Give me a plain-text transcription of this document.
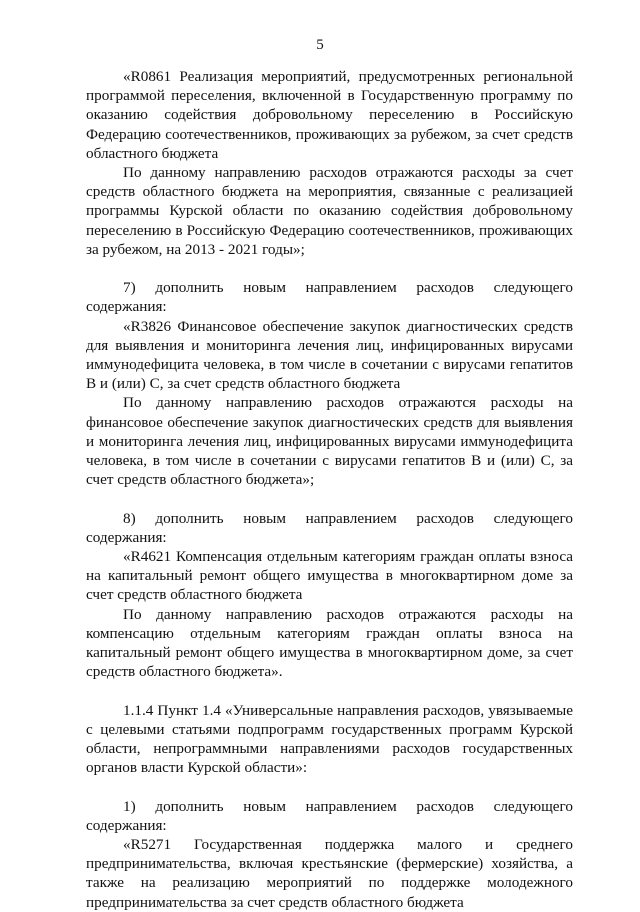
5

«R0861 Реализация мероприятий, предусмотренных региональной программой переселения, включенной в Государственную программу по оказанию содействия добровольному переселению в Российскую Федерацию соотечественников, проживающих за рубежом, за счет средств областного бюджета

По данному направлению расходов отражаются расходы за счет средств областного бюджета на мероприятия, связанные с реализацией программы Курской области по оказанию содействия добровольному переселению в Российскую Федерацию соотечественников, проживающих за рубежом, на 2013 - 2021 годы»;

7) дополнить новым направлением расходов следующего содержания:

«R3826 Финансовое обеспечение закупок диагностических средств для выявления и мониторинга лечения лиц, инфицированных вирусами иммунодефицита человека, в том числе в сочетании с вирусами гепатитов В и (или) С, за счет средств областного бюджета

По данному направлению расходов отражаются расходы на финансовое обеспечение закупок диагностических средств для выявления и мониторинга лечения лиц, инфицированных вирусами иммунодефицита человека, в том числе в сочетании с вирусами гепатитов В и (или) С, за счет средств областного бюджета»;

8) дополнить новым направлением расходов следующего содержания:

«R4621 Компенсация отдельным категориям граждан оплаты взноса на капитальный ремонт общего имущества в многоквартирном доме за счет средств областного бюджета

По данному направлению расходов отражаются расходы на компенсацию отдельным категориям граждан оплаты взноса на капитальный ремонт общего имущества в многоквартирном доме, за счет средств областного бюджета».

1.1.4 Пункт 1.4 «Универсальные направления расходов, увязываемые с целевыми статьями подпрограмм государственных программ Курской области, непрограммными направлениями расходов государственных органов власти Курской области»:

1) дополнить новым направлением расходов следующего содержания:

«R5271 Государственная поддержка малого и среднего предпринимательства, включая крестьянские (фермерские) хозяйства, а также на реализацию мероприятий по поддержке молодежного предпринимательства за счет средств областного бюджета
